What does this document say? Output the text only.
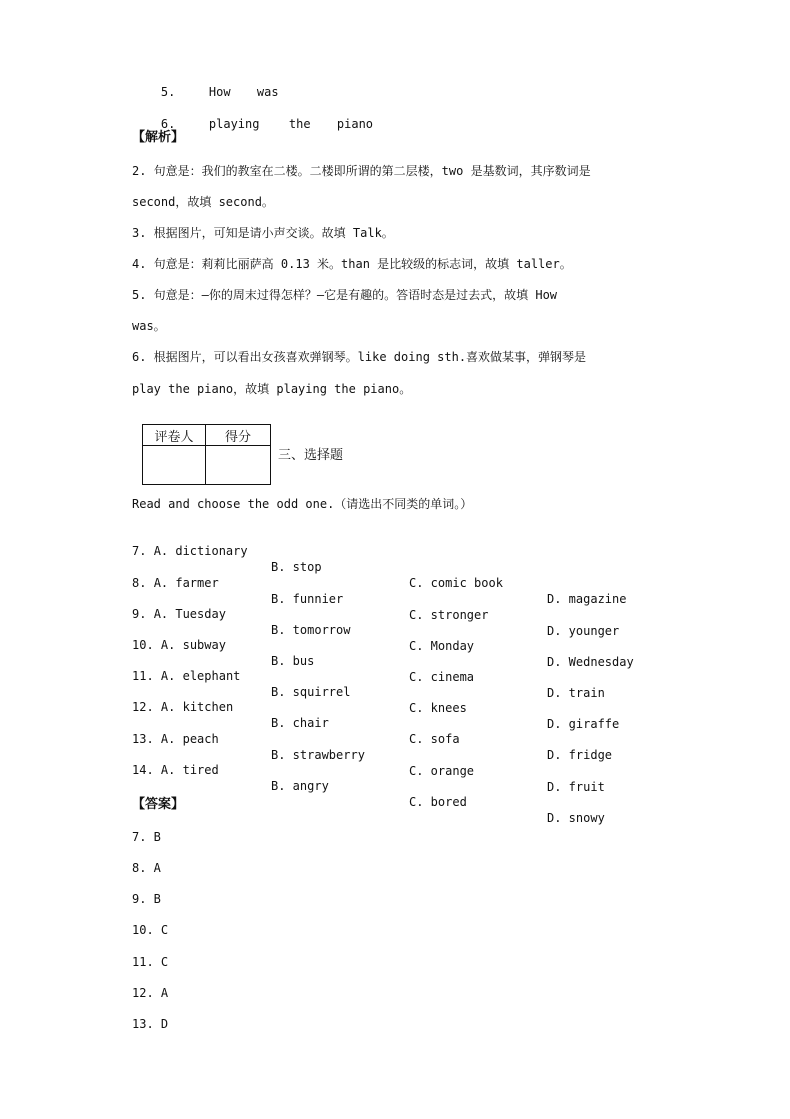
5.	How was

6.	playing the piano

【解析】
2. 句意是：我们的教室在二楼。二楼即所谓的第二层楼，two 是基数词，其序数词是
second，故填 second。
3. 根据图片，可知是请小声交谈。故填 Talk。
4. 句意是：莉莉比丽萨高 0.13 米。than 是比较级的标志词，故填 taller。
5. 句意是：—你的周末过得怎样？—它是有趣的。答语时态是过去式，故填 How
was。
6. 根据图片，可以看出女孩喜欢弹钢琴。like doing sth.喜欢做某事，弹钢琴是
play the piano，故填 playing the piano。
评卷人	得分

三、选择题
Read and choose the odd one.（请选出不同类的单词。）

7. A. dictionary

B. stop

C. comic book

D. magazine

8. A. farmer

B. funnier

C. stronger

D. younger

9. A. Tuesday

B. tomorrow

C. Monday

D. Wednesday

10. A. subway

B. bus

C. cinema

D. train

11. A. elephant

B. squirrel

C. knees

D. giraffe

12. A. kitchen

B. chair

C. sofa

D. fridge

13. A. peach

B. strawberry

C. orange

D. fruit

14. A. tired

B. angry

C. bored

D. snowy

【答案】
7. B
8. A
9. B
10. C
11. C
12. A
13. D
